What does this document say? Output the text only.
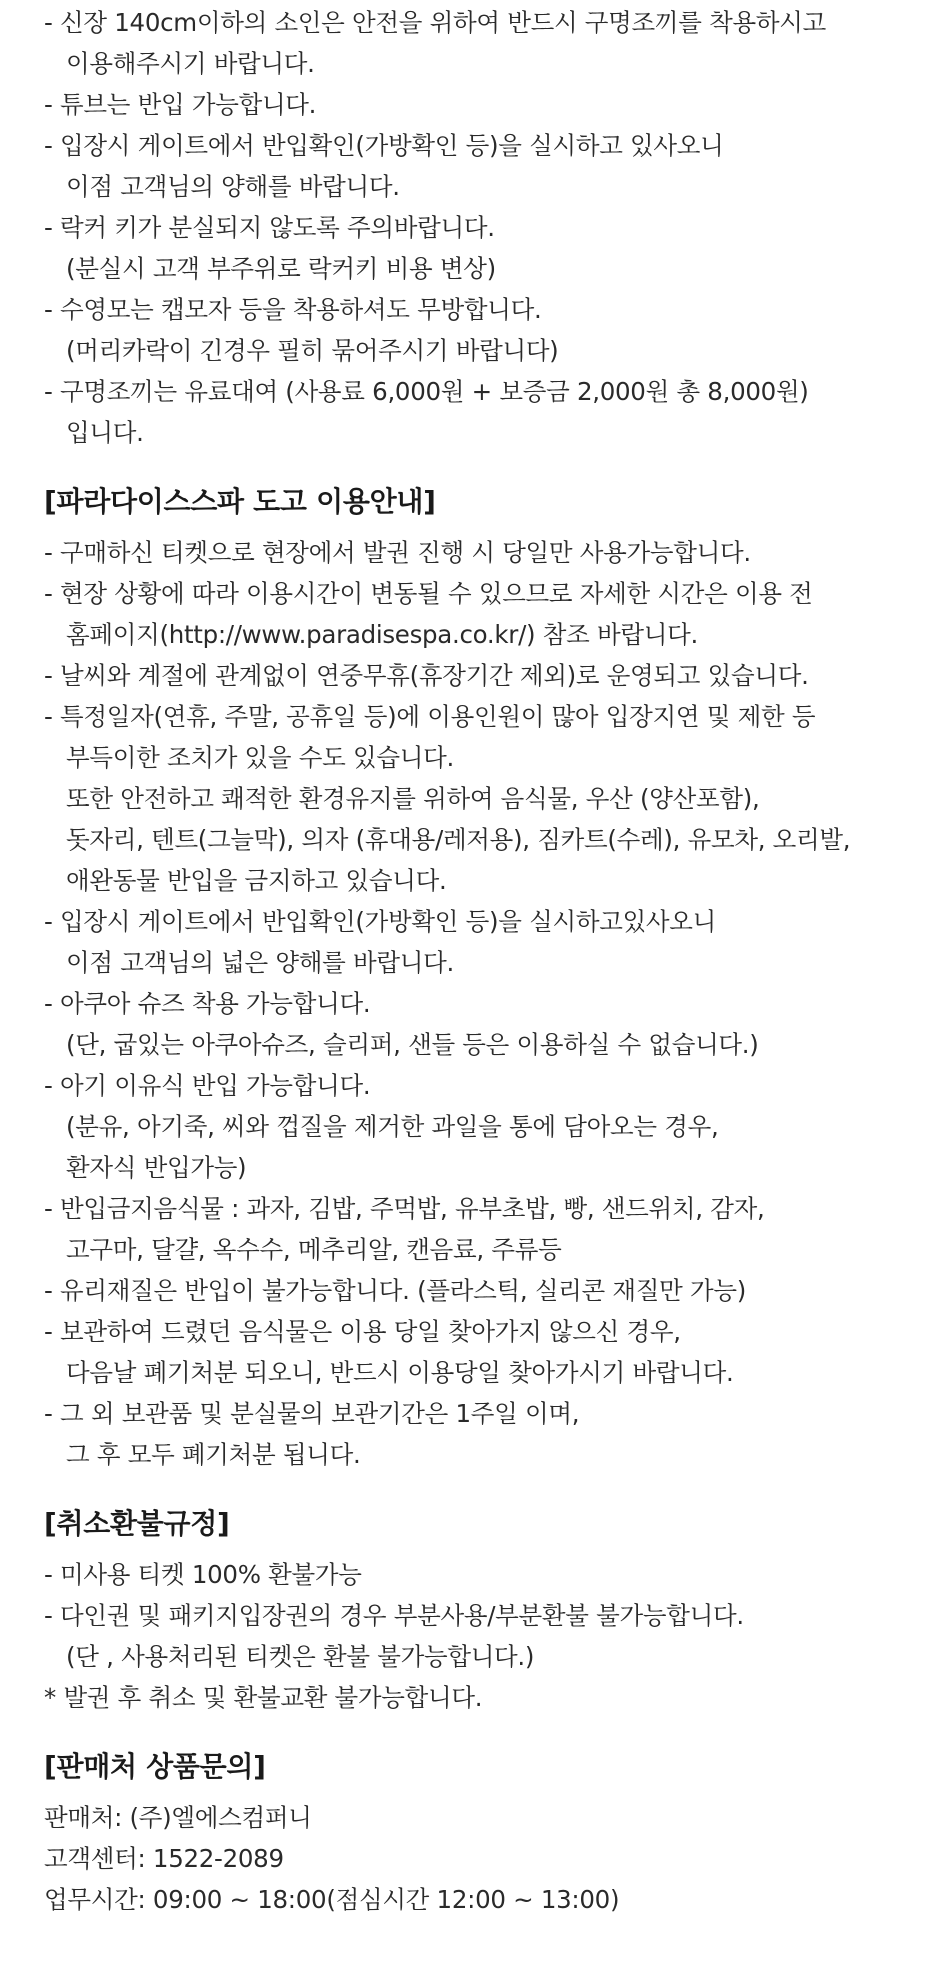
- 신장 140cm이하의 소인은 안전을 위하여 반드시 구명조끼를 착용하시고
이용해주시기 바랍니다.
- 튜브는 반입 가능합니다.
- 입장시 게이트에서 반입확인(가방확인 등)을 실시하고 있사오니
이점 고객님의 양해를 바랍니다.
- 락커 키가 분실되지 않도록 주의바랍니다.
(분실시 고객 부주위로 락커키 비용 변상)
- 수영모는 캡모자 등을 착용하셔도 무방합니다.
(머리카락이 긴경우 필히 묶어주시기 바랍니다)
- 구명조끼는 유료대여 (사용료 6,000원 + 보증금 2,000원 총 8,000원)
입니다.
[파라다이스스파 도고 이용안내]
- 구매하신 티켓으로 현장에서 발권 진행 시 당일만 사용가능합니다.
- 현장 상황에 따라 이용시간이 변동될 수 있으므로 자세한 시간은 이용 전
홈페이지(http://www.paradisespa.co.kr/) 참조 바랍니다.
- 날씨와 계절에 관계없이 연중무휴(휴장기간 제외)로 운영되고 있습니다.
- 특정일자(연휴, 주말, 공휴일 등)에 이용인원이 많아 입장지연 및 제한 등
부득이한 조치가 있을 수도 있습니다.
또한 안전하고 쾌적한 환경유지를 위하여 음식물, 우산 (양산포함),
돗자리, 텐트(그늘막), 의자 (휴대용/레저용), 짐카트(수레), 유모차, 오리발,
애완동물 반입을 금지하고 있습니다.
- 입장시 게이트에서 반입확인(가방확인 등)을 실시하고있사오니
이점 고객님의 넓은 양해를 바랍니다.
- 아쿠아 슈즈 착용 가능합니다.
(단, 굽있는 아쿠아슈즈, 슬리퍼, 샌들 등은 이용하실 수 없습니다.)
- 아기 이유식 반입 가능합니다.
(분유, 아기죽, 씨와 껍질을 제거한 과일을 통에 담아오는 경우,
환자식 반입가능)
- 반입금지음식물 : 과자, 김밥, 주먹밥, 유부초밥, 빵, 샌드위치, 감자,
고구마, 달걀, 옥수수, 메추리알, 캔음료, 주류등
- 유리재질은 반입이 불가능합니다. (플라스틱, 실리콘 재질만 가능)
- 보관하여 드렸던 음식물은 이용 당일 찾아가지 않으신 경우,
다음날 폐기처분 되오니, 반드시 이용당일 찾아가시기 바랍니다.
- 그 외 보관품 및 분실물의 보관기간은 1주일 이며,
그 후 모두 폐기처분 됩니다.
[취소환불규정]
- 미사용 티켓 100% 환불가능
- 다인권 및 패키지입장권의 경우 부분사용/부분환불 불가능합니다.
(단 , 사용처리된 티켓은 환불 불가능합니다.)
* 발권 후 취소 및 환불교환 불가능합니다.
[판매처 상품문의]
판매처: (주)엘에스컴퍼니
고객센터: 1522-2089
업무시간: 09:00 ~ 18:00(점심시간 12:00 ~ 13:00)
